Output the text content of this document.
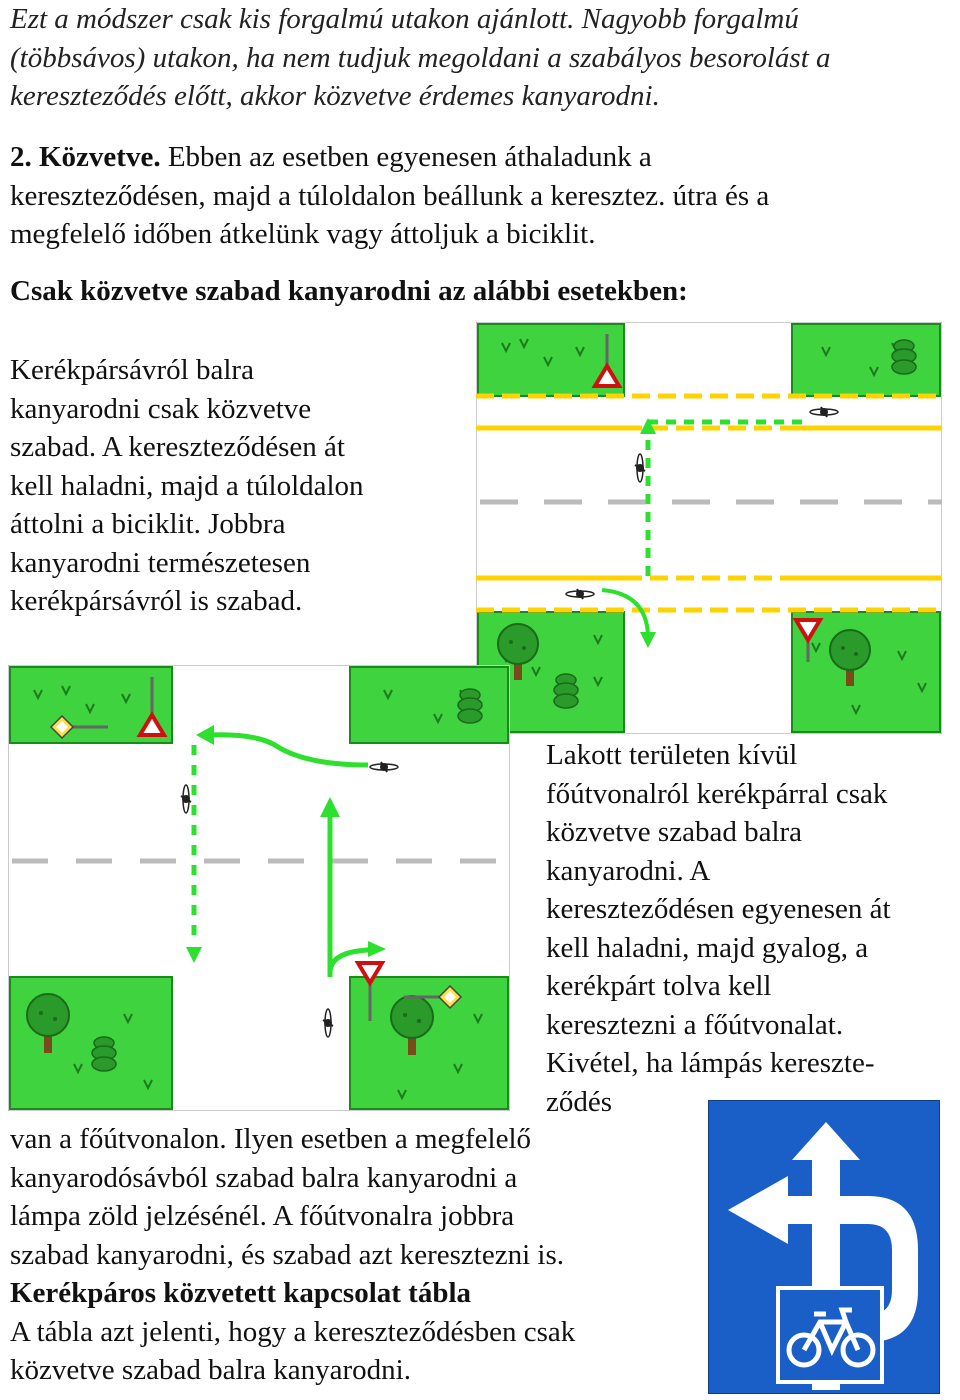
Ezt a módszer csak kis forgalmú utakon ajánlott. Nagyobb forgalmú
(többsávos) utakon, ha nem tudjuk megoldani a szabályos besorolást a
kereszteződés előtt, akkor közvetve érdemes kanyarodni.
2. Közvetve. Ebben az esetben egyenesen áthaladunk a
kereszteződésen, majd a túloldalon beállunk a keresztez. útra és a
megfelelő időben átkelünk vagy áttoljuk a biciklit.
Csak közvetve szabad kanyarodni az alábbi esetekben:
Kerékpársávról balra
kanyarodni csak közvetve
szabad. A kereszteződésen át
kell haladni, majd a túloldalon
áttolni a biciklit. Jobbra
kanyarodni természetesen
kerékpársávról is szabad.
Lakott területen kívül
főútvonalról kerékpárral csak
közvetve szabad balra
kanyarodni. A
kereszteződésen egyenesen át
kell haladni, majd gyalog, a
kerékpárt tolva kell
keresztezni a főútvonalat.
Kivétel, ha lámpás kereszte-
ződés
van a főútvonalon. Ilyen esetben a megfelelő
kanyarodósávból szabad balra kanyarodni a
lámpa zöld jelzésénél. A főútvonalra jobbra
szabad kanyarodni, és szabad azt keresztezni is.
Kerékpáros közvetett kapcsolat tábla
A tábla azt jelenti, hogy a kereszteződésben csak
közvetve szabad balra kanyarodni.
